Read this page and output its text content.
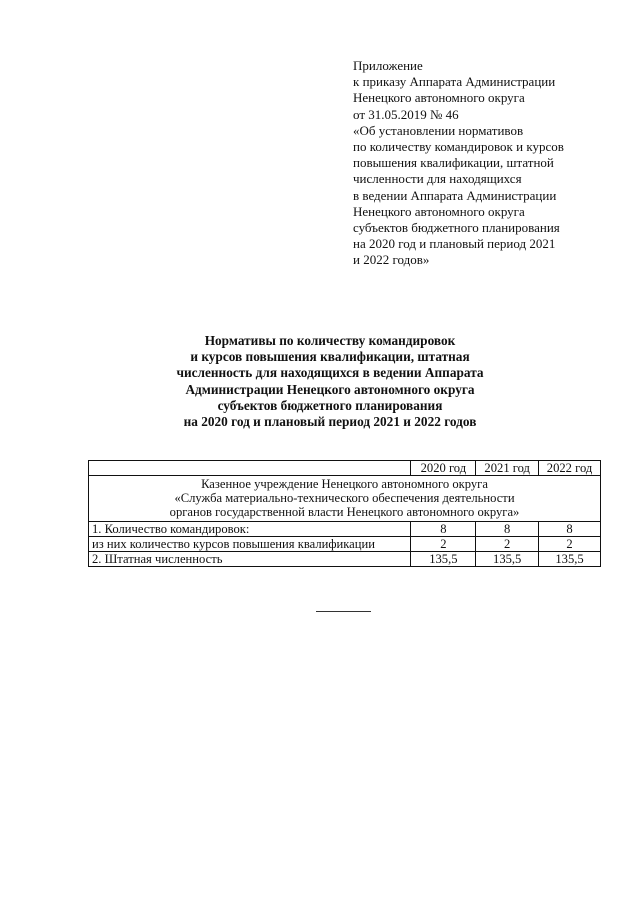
Приложение
к приказу Аппарата Администрации
Ненецкого автономного округа
от 31.05.2019 № 46
«Об установлении нормативов
по количеству командировок и курсов
повышения квалификации, штатной
численности для находящихся
в ведении Аппарата Администрации
Ненецкого автономного округа
субъектов бюджетного планирования
на 2020 год и плановый период 2021
и 2022 годов»
Нормативы по количеству командировок
и курсов повышения квалификации, штатная
численность для находящихся в ведении Аппарата
Администрации Ненецкого автономного округа
субъектов бюджетного планирования
на 2020 год и плановый период 2021 и 2022 годов
	2020 год	2021 год	2022 год

Казенное учреждение Ненецкого автономного округа
«Служба материально-технического обеспечения деятельности
органов государственной власти Ненецкого автономного округа»			

1. Количество командировок:	8	8	8
из них количество курсов повышения квалификации	2	2	2
2. Штатная численность	135,5	135,5	135,5
